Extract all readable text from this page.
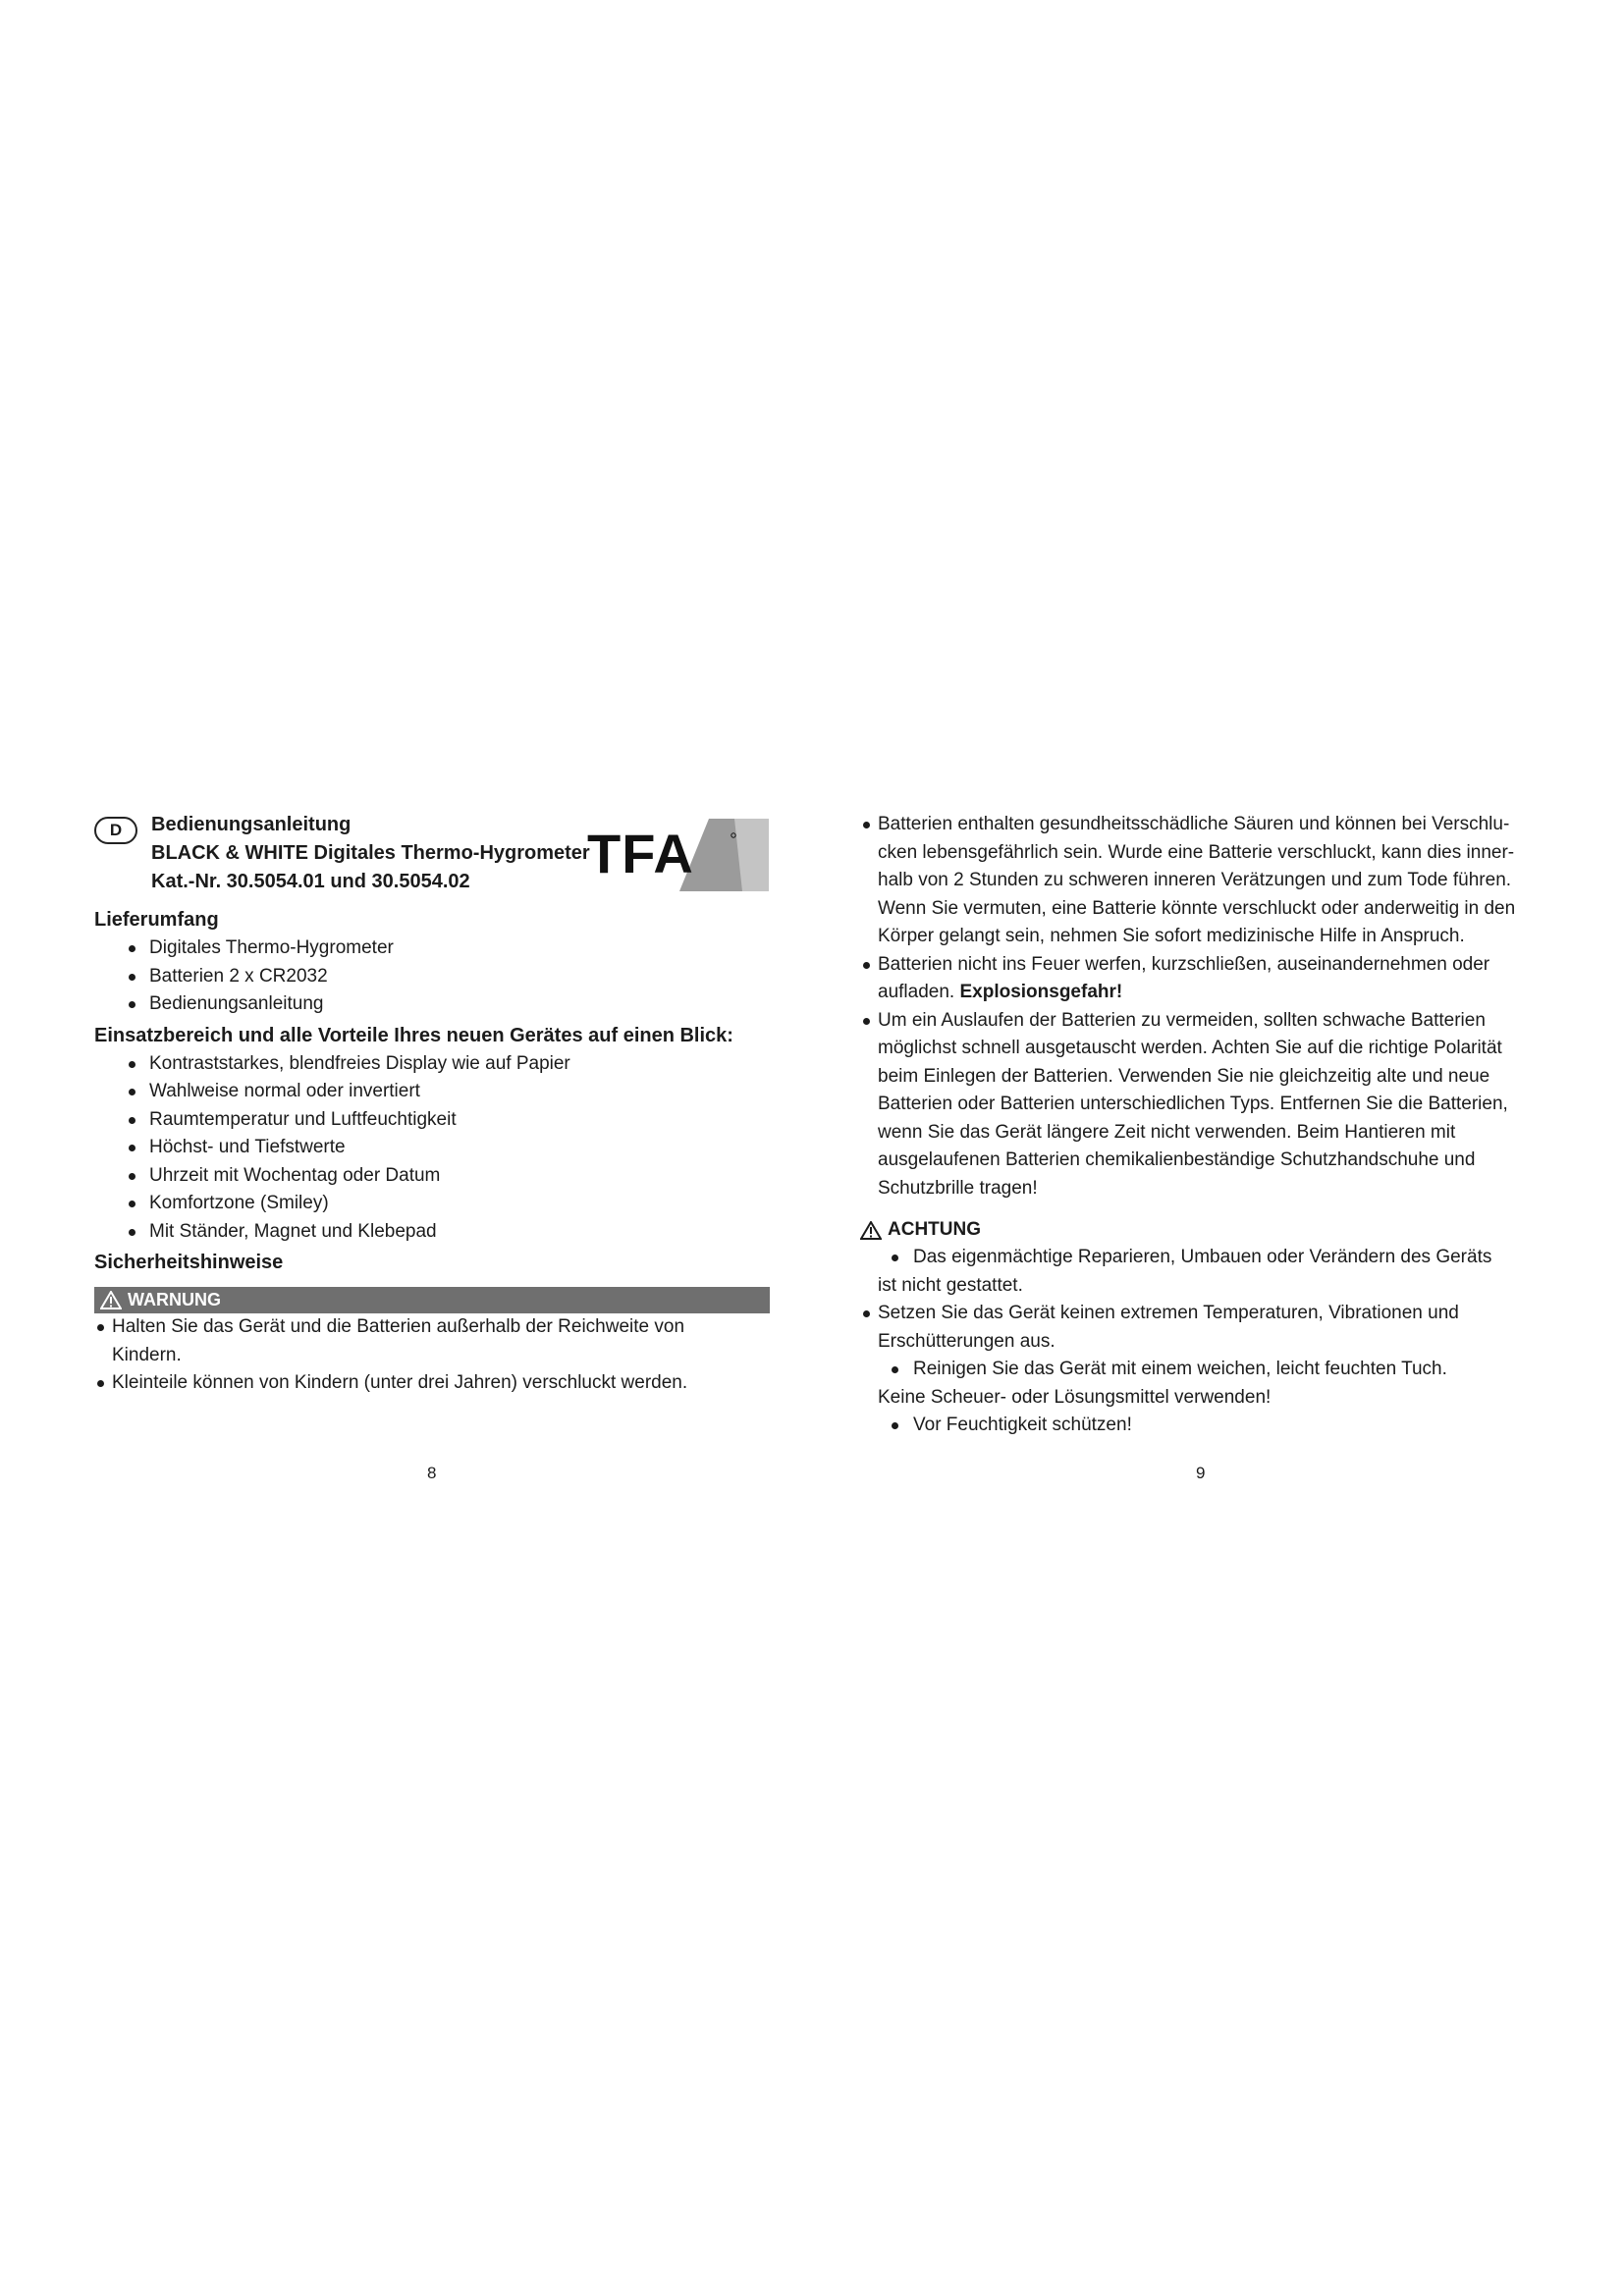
D	Bedienungsanleitung
BLACK & WHITE Digitales Thermo-Hygrometer
Kat.-Nr. 30.5054.01 und 30.5054.02	TFA
Lieferumfang
Digitales Thermo-Hygrometer
Batterien 2 x CR2032
Bedienungsanleitung
Einsatzbereich und alle Vorteile Ihres neuen Gerätes auf einen Blick:
Kontraststarkes, blendfreies Display wie auf Papier
Wahlweise normal oder invertiert
Raumtemperatur und Luftfeuchtigkeit
Höchst- und Tiefstwerte
Uhrzeit mit Wochentag oder Datum
Komfortzone (Smiley)
Mit Ständer, Magnet und Klebepad
Sicherheitshinweise
WARNUNG
Halten Sie das Gerät und die Batterien außerhalb der Reichweite von
Kindern.
Kleinteile können von Kindern (unter drei Jahren) verschluckt werden.
8
Batterien enthalten gesundheitsschädliche Säuren und können bei Verschlu-
cken lebensgefährlich sein. Wurde eine Batterie verschluckt, kann dies inner-
halb von 2 Stunden zu schweren inneren Verätzungen und zum Tode führen.
Wenn Sie vermuten, eine Batterie könnte verschluckt oder anderweitig in den
Körper gelangt sein, nehmen Sie sofort medizinische Hilfe in Anspruch.
Batterien nicht ins Feuer werfen, kurzschließen, auseinandernehmen oder
aufladen. Explosionsgefahr!
Um ein Auslaufen der Batterien zu vermeiden, sollten schwache Batterien
möglichst schnell ausgetauscht werden. Achten Sie auf die richtige Polarität
beim Einlegen der Batterien. Verwenden Sie nie gleichzeitig alte und neue
Batterien oder Batterien unterschiedlichen Typs. Entfernen Sie die Batterien,
wenn Sie das Gerät längere Zeit nicht verwenden. Beim Hantieren mit
ausgelaufenen Batterien chemikalienbeständige Schutzhandschuhe und
Schutzbrille tragen!
ACHTUNG
Das eigenmächtige Reparieren, Umbauen oder Verändern des Geräts
ist nicht gestattet.
Setzen Sie das Gerät keinen extremen Temperaturen, Vibrationen und
Erschütterungen aus.
Reinigen Sie das Gerät mit einem weichen, leicht feuchten Tuch.
Keine Scheuer- oder Lösungsmittel verwenden!
Vor Feuchtigkeit schützen!
9
